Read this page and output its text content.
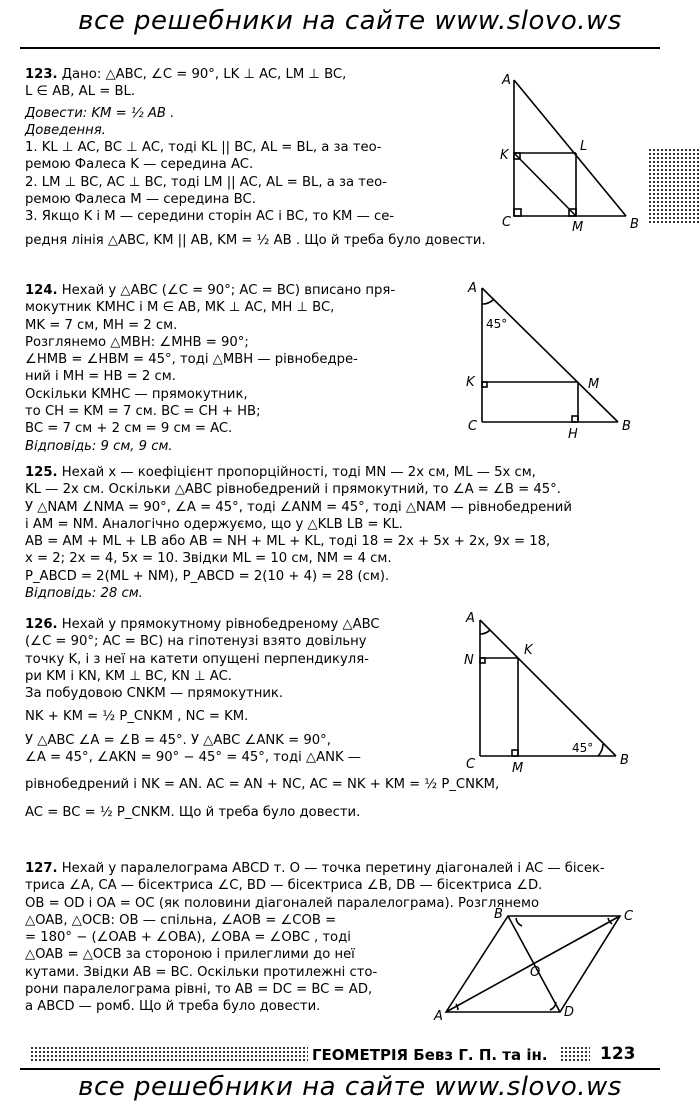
все решебники на сайте www.slovo.ws
123. Дано: △ABC, ∠C = 90°, LK ⊥ AC, LM ⊥ BC,
L ∈ AB, AL = BL.
Довести: KM = ½ AB .
Доведення.
1. KL ⊥ AC, BC ⊥ AC, тоді KL || BC, AL = BL, а за тео-
ремою Фалеса K — середина AC.
2. LM ⊥ BC, AC ⊥ BC, тоді LM || AC, AL = BL, а за тео-
ремою Фалеса M — середина BC.
3. Якщо K і M — середини сторін AC і BC, то KM — се-
редня лінія △ABC, KM || AB, KM = ½ AB . Що й треба було довести.
A
B
C
K
L
M
124. Нехай у △ABC (∠C = 90°; AC = BC) вписано пря-
мокутник KMHC і M ∈ AB, MK ⊥ AC, MH ⊥ BC,
MK = 7 см, MH = 2 см.
Розглянемо △MBH: ∠MHB = 90°;
∠HMB = ∠HBM = 45°, тоді △MBH — рівнобедре-
ний і MH = HB = 2 см.
Оскільки KMHC — прямокутник,
то CH = KM = 7 см. BC = CH + HB;
BC = 7 см + 2 см = 9 см = AC.
Відповідь: 9 см, 9 см.
A
B
C
K	M
H
45°
125. Нехай x — коефіцієнт пропорційності, тоді MN — 2x см, ML — 5x см,
KL — 2x см. Оскільки △ABC рівнобедрений і прямокутний, то ∠A = ∠B = 45°.
У △NAM ∠NMA = 90°, ∠A = 45°, тоді ∠ANM = 45°, тоді △NAM — рівнобедрений
і AM = NM. Аналогічно одержуємо, що у △KLB LB = KL.
AB = AM + ML + LB або AB = NH + ML + KL, тоді 18 = 2x + 5x + 2x, 9x = 18,
x = 2; 2x = 4, 5x = 10. Звідки ML = 10 см, NM = 4 см.
P_ABCD = 2(ML + NM), P_ABCD = 2(10 + 4) = 28 (см).
Відповідь: 28 см.
126. Нехай у прямокутному рівнобедреному △ABC
(∠C = 90°; AC = BC) на гіпотенузі взято довільну
точку K, і з неї на катети опущені перпендикуля-
ри KM і KN, KM ⊥ BC, KN ⊥ AC.
За побудовою CNKM — прямокутник.
NK + KM = ½ P_CNKM , NC = KM.
У △ABC ∠A = ∠B = 45°. У △ABC ∠ANK = 90°,
∠A = 45°, ∠AKN = 90° − 45° = 45°, тоді △ANK —
рівнобедрений і NK = AN. AC = AN + NC, AC = NK + KM = ½ P_CNKM,
AC = BC = ½ P_CNKM. Що й треба було довести.
A
B
C
N
K
M
45°
127. Нехай у паралелограма ABCD т. O — точка перетину діагоналей і AC — бісек-
триса ∠A, CA — бісектриса ∠C, BD — бісектриса ∠B, DB — бісектриса ∠D.
OB = OD і OA = OC (як половини діагоналей паралелограма). Розглянемо
△OAB, △OCB: OB — спільна, ∠AOB = ∠COB =
= 180° − (∠OAB + ∠OBA), ∠OBA = ∠OBC , тоді
△OAB = △OCB за стороною і прилеглими до неї
кутами. Звідки AB = BC. Оскільки протилежні сто-
рони паралелограма рівні, то AB = DC = BC = AD,
а ABCD — ромб. Що й треба було довести.
A
B	C
D
O
ГЕОМЕТРІЯ Бевз Г. П. та ін.	123
все решебники на сайте www.slovo.ws
